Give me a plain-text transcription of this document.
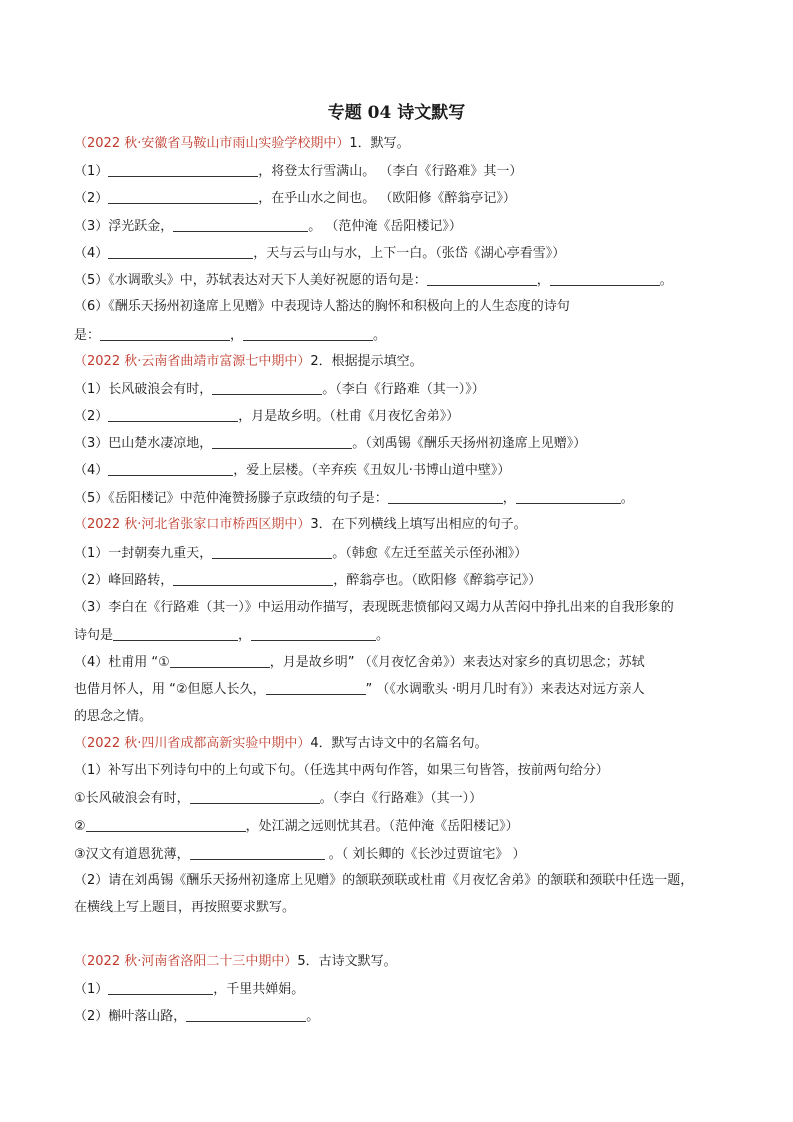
专题 04 诗文默写
（2022 秋·安徽省马鞍山市雨山实验学校期中）1．默写。
（1）	，将登太行雪满山。 （李白《行路难》其一）
（2）	，在乎山水之间也。 （欧阳修《醉翁亭记》）
（3）浮光跃金，	。 （范仲淹《岳阳楼记》）
（4）	，天与云与山与水，上下一白。（张岱《湖心亭看雪》）
（5）《水调歌头》中，苏轼表达对天下人美好祝愿的语句是：	，	。
（6）《酬乐天扬州初逢席上见赠》中表现诗人豁达的胸怀和积极向上的人生态度的诗句
是：	，	。
（2022 秋·云南省曲靖市富源七中期中）2．根据提示填空。
（1）长风破浪会有时，	。（李白《行路难（其一）》）
（2）	，月是故乡明。（杜甫《月夜忆舍弟》）
（3）巴山楚水凄凉地，	。（刘禹锡《酬乐天扬州初逢席上见赠》）
（4）	，爱上层楼。（辛弃疾《丑奴儿·书博山道中壁》）
（5）《岳阳楼记》中范仲淹赞扬滕子京政绩的句子是：	，	。
（2022 秋·河北省张家口市桥西区期中）3．在下列横线上填写出相应的句子。
（1）一封朝奏九重天，	。（韩愈《左迁至蓝关示侄孙湘》）
（2）峰回路转，	，醉翁亭也。（欧阳修《醉翁亭记》）
（3）李白在《行路难（其一）》中运用动作描写，表现既悲愤郁闷又竭力从苦闷中挣扎出来的自我形象的
诗句是	，	。
（4）杜甫用 “①	，月是故乡明” （《月夜忆舍弟》）来表达对家乡的真切思念；苏轼
也借月怀人，用 “②但愿人长久，	” （《水调歌头 ·明月几时有》）来表达对远方亲人
的思念之情。
（2022 秋·四川省成都高新实验中期中）4．默写古诗文中的名篇名句。
（1）补写出下列诗句中的上句或下句。（任选其中两句作答，如果三句皆答，按前两句给分）
①长风破浪会有时，	。（李白《行路难》（其一））
②	，处江湖之远则忧其君。（范仲淹《岳阳楼记》）
③汉文有道恩犹薄，	。（ 刘长卿的《长沙过贾谊宅》 ）
（2）请在刘禹锡《酬乐天扬州初逢席上见赠》的颔联颈联或杜甫《月夜忆舍弟》的颔联和颈联中任选一题，
在横线上写上题目，再按照要求默写。
（2022 秋·河南省洛阳二十三中期中）5．古诗文默写。
（1）	，千里共婵娟。
（2）槲叶落山路，	。
